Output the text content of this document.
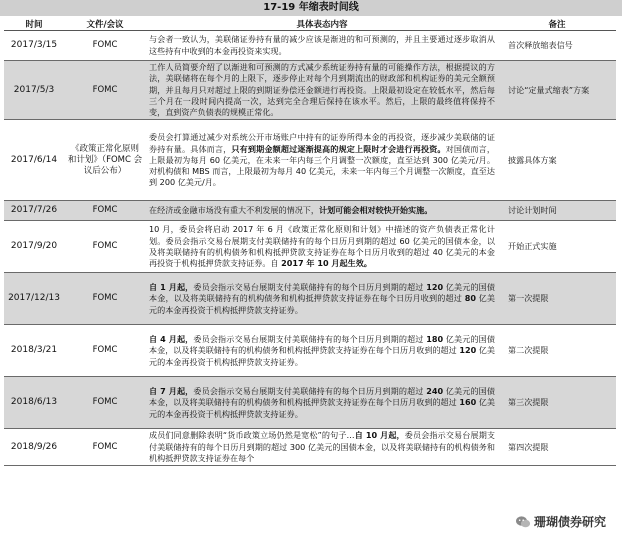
17-19 年缩表时间线
时间	文件/会议	具体表态内容	备注
2017/3/15	FOMC	与会者一致认为，美联储证券持有量的减少应该是渐进的和可预测的，并且主要通过逐步取消从这些持有中收到的本金再投资来实现。	首次释放缩表信号
2017/5/3	FOMC	工作人员简要介绍了以渐进和可预测的方式减少系统证券持有量的可能操作方法，根据提议的方法，美联储将在每个月的上限下，逐步停止对每个月到期流出的财政部和机构证券的美元全额预期，并且每月只对超过上限的到期证券偿还金额进行再投资。上限最初设定在较低水平，然后每三个月在一段时间内提高一次，达到完全合理后保持在该水平。然后，上限的最终值将保持不变，直到资产负债表的规模正常化。	讨论“定量式缩表”方案
2017/6/14	《政策正常化原则和计划》（FOMC 会议后公布）	委员会打算通过减少对系统公开市场账户中持有的证券所得本金的再投资，逐步减少美联储的证券持有量。具体而言，只有到期金额超过逐渐提高的规定上限时才会进行再投资。对国债而言，上限最初为每月 60 亿美元，在未来一年内每三个月调整一次额度，直至达到 300 亿美元/月。对机构债和 MBS 而言，上限最初为每月 40 亿美元，未来一年内每三个月调整一次额度，直至达到 200 亿美元/月。	披露具体方案
2017/7/26	FOMC	在经济或金融市场没有重大不利发展的情况下，计划可能会相对较快开始实施。	讨论计划时间
2017/9/20	FOMC	10 月，委员会将启动 2017 年 6 月《政策正常化原则和计划》中描述的资产负债表正常化计划。委员会指示交易台展期支付美联储持有的每个日历月到期的超过 60 亿美元的国债本金，以及将美联储持有的机构债务和机构抵押贷款支持证券在每个日历月收到的超过 40 亿美元的本金再投资于机构抵押贷款支持证券。自 2017 年 10 月起生效。	开始正式实施
2017/12/13	FOMC	自 1 月起，委员会指示交易台展期支付美联储持有的每个日历月到期的超过 120 亿美元的国债本金，以及将美联储持有的机构债务和机构抵押贷款支持证券在每个日历月收到的超过 80 亿美元的本金再投资于机构抵押贷款支持证券。	第一次提限
2018/3/21	FOMC	自 4 月起，委员会指示交易台展期支付美联储持有的每个日历月到期的超过 180 亿美元的国债本金，以及将美联储持有的机构债务和机构抵押贷款支持证券在每个日历月收到的超过 120 亿美元的本金再投资于机构抵押贷款支持证券。	第二次提限
2018/6/13	FOMC	自 7 月起，委员会指示交易台展期支付美联储持有的每个日历月到期的超过 240 亿美元的国债本金，以及将美联储持有的机构债务和机构抵押贷款支持证券在每个日历月收到的超过 160 亿美元的本金再投资于机构抵押贷款支持证券。	第三次提限
2018/9/26	FOMC	成员们同意删除表明“货币政策立场仍然是宽松”的句子…自 10 月起，委员会指示交易台展期支付美联储持有的每个日历月到期的超过 300 亿美元的国债本金，以及将美联储持有的机构债务和机构抵押贷款支持证券在每个	第四次提限
珊瑚债券研究
